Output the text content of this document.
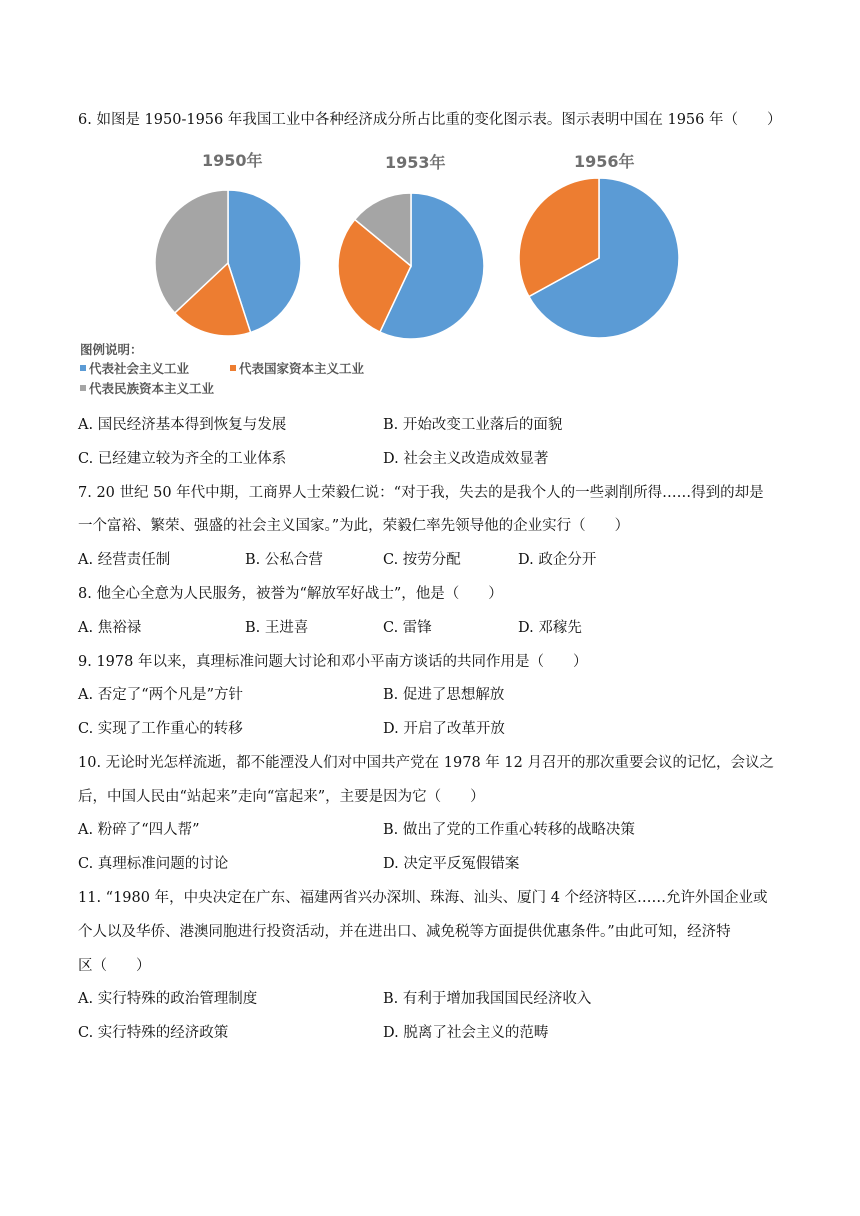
6. 如图是 1950-1956 年我国工业中各种经济成分所占比重的变化图示表。图示表明中国在 1956 年（　　）
1950年	1953年	1956年
图例说明：
代表社会主义工业	代表国家资本主义工业
代表民族资本主义工业
A. 国民经济基本得到恢复与发展	B. 开始改变工业落后的面貌
C. 已经建立较为齐全的工业体系	D. 社会主义改造成效显著
7. 20 世纪 50 年代中期，工商界人士荣毅仁说：“对于我，失去的是我个人的一些剥削所得……得到的却是
一个富裕、繁荣、强盛的社会主义国家。”为此，荣毅仁率先领导他的企业实行（　　）
A. 经营责任制	B. 公私合营	C. 按劳分配	D. 政企分开
8. 他全心全意为人民服务，被誉为“解放军好战士”，他是（　　）
A. 焦裕禄	B. 王进喜	C. 雷锋	D. 邓稼先
9. 1978 年以来，真理标准问题大讨论和邓小平南方谈话的共同作用是（　　）
A. 否定了“两个凡是”方针	B. 促进了思想解放
C. 实现了工作重心的转移	D. 开启了改革开放
10. 无论时光怎样流逝，都不能湮没人们对中国共产党在 1978 年 12 月召开的那次重要会议的记忆，会议之
后，中国人民由“站起来”走向“富起来”，主要是因为它（　　）
A. 粉碎了“四人帮”	B. 做出了党的工作重心转移的战略决策
C. 真理标准问题的讨论	D. 决定平反冤假错案
11. “1980 年，中央决定在广东、福建两省兴办深圳、珠海、汕头、厦门 4 个经济特区……允许外国企业或
个人以及华侨、港澳同胞进行投资活动，并在进出口、减免税等方面提供优惠条件。”由此可知，经济特
区（　　）
A. 实行特殊的政治管理制度	B. 有利于增加我国国民经济收入
C. 实行特殊的经济政策	D. 脱离了社会主义的范畴
